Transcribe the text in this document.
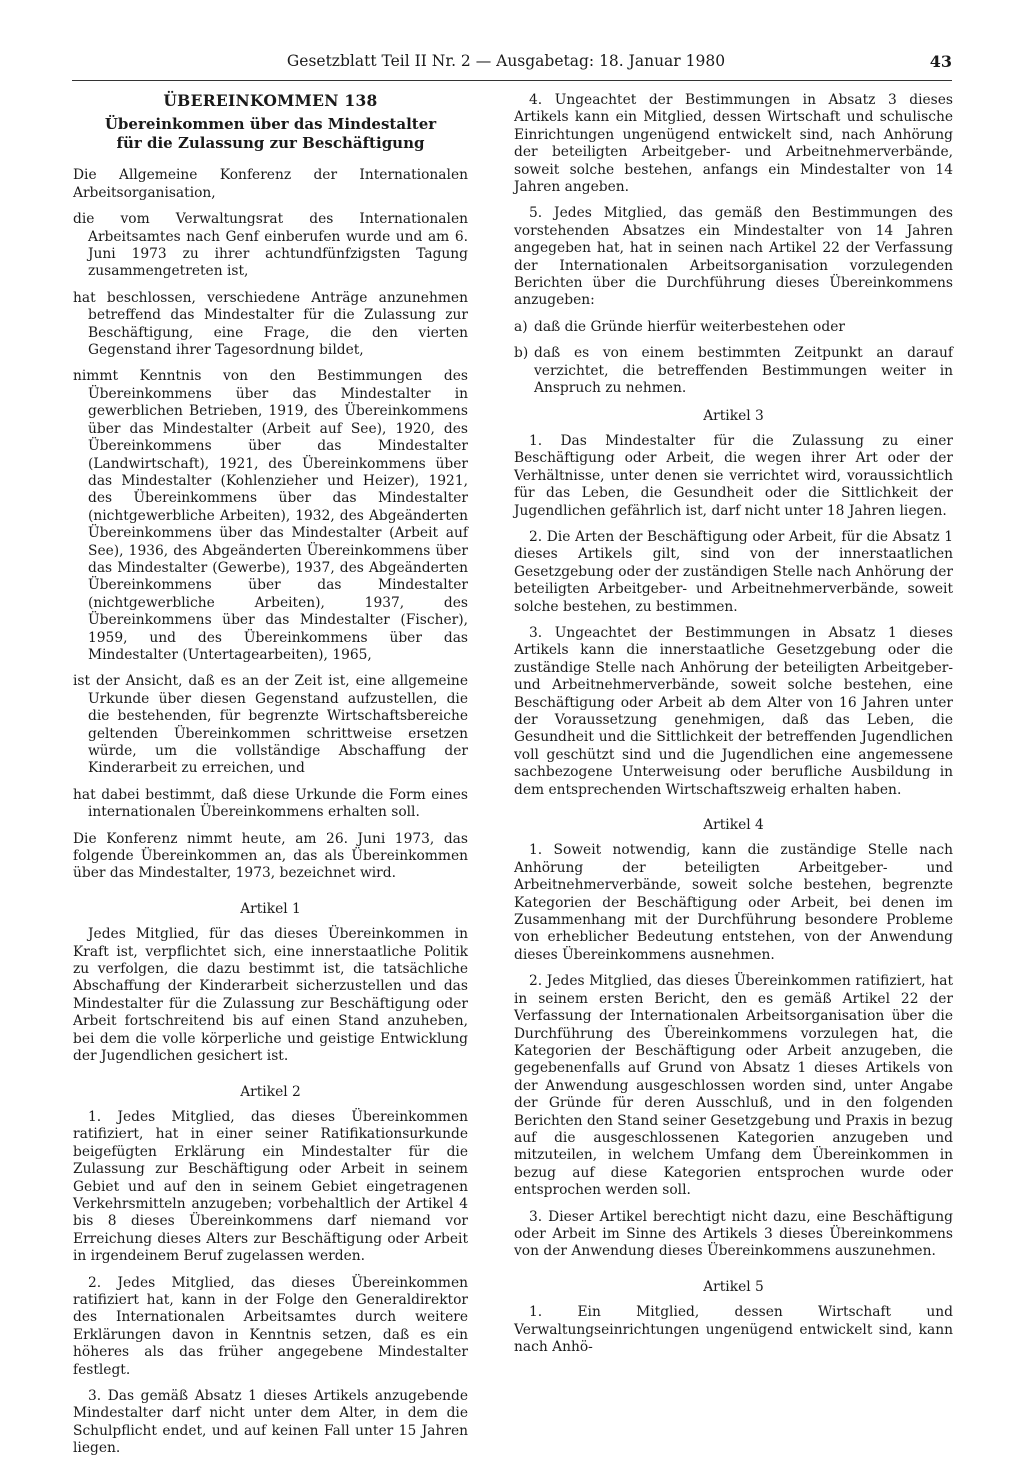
Gesetzblatt Teil II Nr. 2 — Ausgabetag: 18. Januar 1980	43
ÜBEREINKOMMEN 138
Übereinkommen über das Mindestalter für die Zulassung zur Beschäftigung

Die Allgemeine Konferenz der Internationalen Arbeitsorganisation,

die vom Verwaltungsrat des Internationalen Arbeitsamtes nach Genf einberufen wurde und am 6. Juni 1973 zu ihrer achtundfünfzigsten Tagung zusammengetreten ist,

hat beschlossen, verschiedene Anträge anzunehmen betreffend das Mindestalter für die Zulassung zur Beschäftigung, eine Frage, die den vierten Gegenstand ihrer Tagesordnung bildet,

nimmt Kenntnis von den Bestimmungen des Übereinkommens über das Mindestalter in gewerblichen Betrieben, 1919, des Übereinkommens über das Mindestalter (Arbeit auf See), 1920, des Übereinkommens über das Mindestalter (Landwirtschaft), 1921, des Übereinkommens über das Mindestalter (Kohlenzieher und Heizer), 1921, des Übereinkommens über das Mindestalter (nichtgewerbliche Arbeiten), 1932, des Abgeänderten Übereinkommens über das Mindestalter (Arbeit auf See), 1936, des Abgeänderten Übereinkommens über das Mindestalter (Gewerbe), 1937, des Abgeänderten Übereinkommens über das Mindestalter (nichtgewerbliche Arbeiten), 1937, des Übereinkommens über das Mindestalter (Fischer), 1959, und des Übereinkommens über das Mindestalter (Untertagearbeiten), 1965,

ist der Ansicht, daß es an der Zeit ist, eine allgemeine Urkunde über diesen Gegenstand aufzustellen, die die bestehenden, für begrenzte Wirtschaftsbereiche geltenden Übereinkommen schrittweise ersetzen würde, um die vollständige Abschaffung der Kinderarbeit zu erreichen, und

hat dabei bestimmt, daß diese Urkunde die Form eines internationalen Übereinkommens erhalten soll.

Die Konferenz nimmt heute, am 26. Juni 1973, das folgende Übereinkommen an, das als Übereinkommen über das Mindestalter, 1973, bezeichnet wird.

Artikel 1

Jedes Mitglied, für das dieses Übereinkommen in Kraft ist, verpflichtet sich, eine innerstaatliche Politik zu verfolgen, die dazu bestimmt ist, die tatsächliche Abschaffung der Kinderarbeit sicherzustellen und das Mindestalter für die Zulassung zur Beschäftigung oder Arbeit fortschreitend bis auf einen Stand anzuheben, bei dem die volle körperliche und geistige Entwicklung der Jugendlichen gesichert ist.

Artikel 2

1. Jedes Mitglied, das dieses Übereinkommen ratifiziert, hat in einer seiner Ratifikationsurkunde beigefügten Erklärung ein Mindestalter für die Zulassung zur Beschäftigung oder Arbeit in seinem Gebiet und auf den in seinem Gebiet eingetragenen Verkehrsmitteln anzugeben; vorbehaltlich der Artikel 4 bis 8 dieses Übereinkommens darf niemand vor Erreichung dieses Alters zur Beschäftigung oder Arbeit in irgendeinem Beruf zugelassen werden.

2. Jedes Mitglied, das dieses Übereinkommen ratifiziert hat, kann in der Folge den Generaldirektor des Internationalen Arbeitsamtes durch weitere Erklärungen davon in Kenntnis setzen, daß es ein höheres als das früher angegebene Mindestalter festlegt.

3. Das gemäß Absatz 1 dieses Artikels anzugebende Mindestalter darf nicht unter dem Alter, in dem die Schulpflicht endet, und auf keinen Fall unter 15 Jahren liegen.

4. Ungeachtet der Bestimmungen in Absatz 3 dieses Artikels kann ein Mitglied, dessen Wirtschaft und schulische Einrichtungen ungenügend entwickelt sind, nach Anhörung der beteiligten Arbeitgeber- und Arbeitnehmerverbände, soweit solche bestehen, anfangs ein Mindestalter von 14 Jahren angeben.

5. Jedes Mitglied, das gemäß den Bestimmungen des vorstehenden Absatzes ein Mindestalter von 14 Jahren angegeben hat, hat in seinen nach Artikel 22 der Verfassung der Internationalen Arbeitsorganisation vorzulegenden Berichten über die Durchführung dieses Übereinkommens anzugeben:

a) daß die Gründe hierfür weiterbestehen oder
b) daß es von einem bestimmten Zeitpunkt an darauf verzichtet, die betreffenden Bestimmungen weiter in Anspruch zu nehmen.
Artikel 3

1. Das Mindestalter für die Zulassung zu einer Beschäftigung oder Arbeit, die wegen ihrer Art oder der Verhältnisse, unter denen sie verrichtet wird, voraussichtlich für das Leben, die Gesundheit oder die Sittlichkeit der Jugendlichen gefährlich ist, darf nicht unter 18 Jahren liegen.

2. Die Arten der Beschäftigung oder Arbeit, für die Absatz 1 dieses Artikels gilt, sind von der innerstaatlichen Gesetzgebung oder der zuständigen Stelle nach Anhörung der beteiligten Arbeitgeber- und Arbeitnehmerverbände, soweit solche bestehen, zu bestimmen.

3. Ungeachtet der Bestimmungen in Absatz 1 dieses Artikels kann die innerstaatliche Gesetzgebung oder die zuständige Stelle nach Anhörung der beteiligten Arbeitgeber- und Arbeitnehmerverbände, soweit solche bestehen, eine Beschäftigung oder Arbeit ab dem Alter von 16 Jahren unter der Voraussetzung genehmigen, daß das Leben, die Gesundheit und die Sittlichkeit der betreffenden Jugendlichen voll geschützt sind und die Jugendlichen eine angemessene sachbezogene Unterweisung oder berufliche Ausbildung in dem entsprechenden Wirtschaftszweig erhalten haben.

Artikel 4

1. Soweit notwendig, kann die zuständige Stelle nach Anhörung der beteiligten Arbeitgeber- und Arbeitnehmerverbände, soweit solche bestehen, begrenzte Kategorien der Beschäftigung oder Arbeit, bei denen im Zusammenhang mit der Durchführung besondere Probleme von erheblicher Bedeutung entstehen, von der Anwendung dieses Übereinkommens ausnehmen.

2. Jedes Mitglied, das dieses Übereinkommen ratifiziert, hat in seinem ersten Bericht, den es gemäß Artikel 22 der Verfassung der Internationalen Arbeitsorganisation über die Durchführung des Übereinkommens vorzulegen hat, die Kategorien der Beschäftigung oder Arbeit anzugeben, die gegebenenfalls auf Grund von Absatz 1 dieses Artikels von der Anwendung ausgeschlossen worden sind, unter Angabe der Gründe für deren Ausschluß, und in den folgenden Berichten den Stand seiner Gesetzgebung und Praxis in bezug auf die ausgeschlossenen Kategorien anzugeben und mitzuteilen, in welchem Umfang dem Übereinkommen in bezug auf diese Kategorien entsprochen wurde oder entsprochen werden soll.

3. Dieser Artikel berechtigt nicht dazu, eine Beschäftigung oder Arbeit im Sinne des Artikels 3 dieses Übereinkommens von der Anwendung dieses Übereinkommens auszunehmen.

Artikel 5

1. Ein Mitglied, dessen Wirtschaft und Verwaltungseinrichtungen ungenügend entwickelt sind, kann nach Anhö-
